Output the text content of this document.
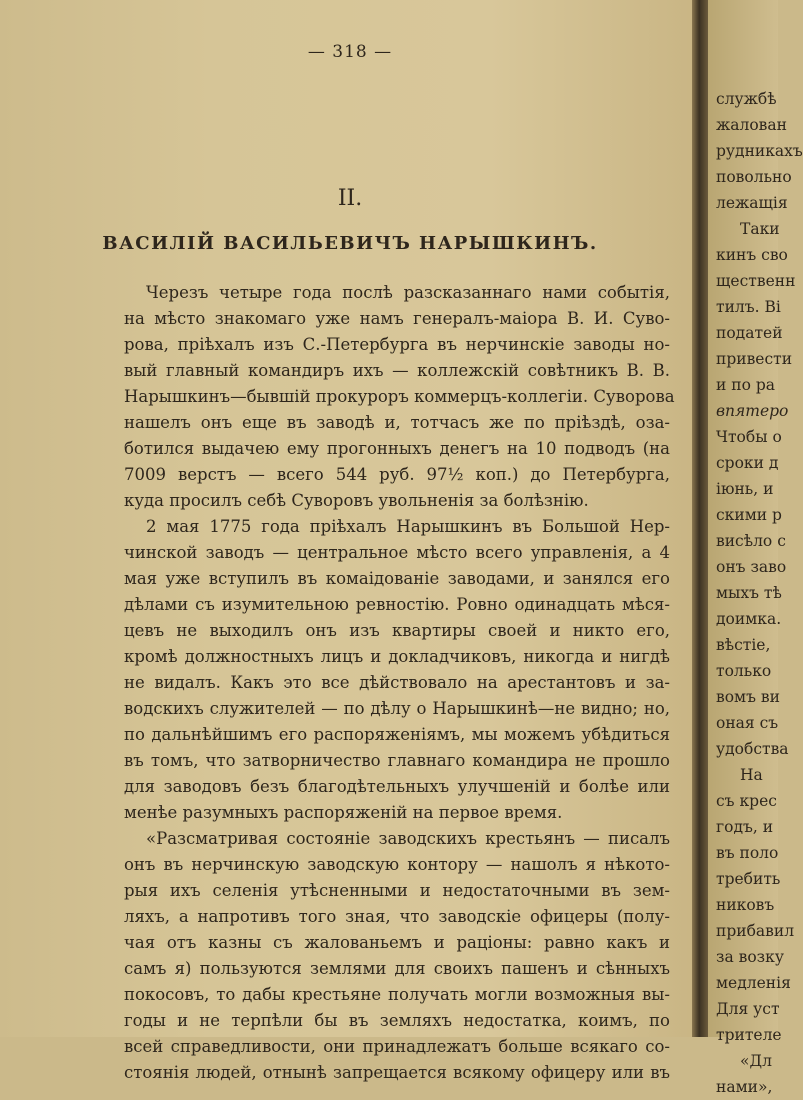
— 318 —
II.
ВАСИЛІЙ ВАСИЛЬЕВИЧЪ НАРЫШКИНЪ.
Черезъ четыре года послѣ разсказаннаго нами событія,
на мѣсто знакомаго уже намъ генералъ-маіора В. И. Суво-
рова, пріѣхалъ изъ С.-Петербурга въ нерчинскіе заводы но-
вый главный командиръ ихъ — коллежскій совѣтникъ В. В.
Нарышкинъ—бывшій прокуроръ коммерцъ-коллегіи. Суворова
нашелъ онъ еще въ заводѣ и, тотчасъ же по пріѣздѣ, оза-
ботился выдачею ему прогонныхъ денегъ на 10 подводъ (на
7009 верстъ — всего 544 руб. 97½ коп.) до Петербурга,
куда просилъ себѣ Суворовъ увольненія за болѣзнію.
2 мая 1775 года пріѣхалъ Нарышкинъ въ Большой Нер-
чинской заводъ — центральное мѣсто всего управленія, а 4
мая уже вступилъ въ комаідованіе заводами, и занялся его
дѣлами съ изумительною ревностію. Ровно одинадцать мѣся-
цевъ не выходилъ онъ изъ квартиры своей и никто его,
кромѣ должностныхъ лицъ и докладчиковъ, никогда и нигдѣ
не видалъ. Какъ это все дѣйствовало на арестантовъ и за-
водскихъ служителей — по дѣлу о Нарышкинѣ—не видно; но,
по дальнѣйшимъ его распоряженіямъ, мы можемъ убѣдиться
въ томъ, что затворничество главнаго командира не прошло
для заводовъ безъ благодѣтельныхъ улучшеній и болѣе или
менѣе разумныхъ распоряженій на первое время.
«Разсматривая состояніе заводскихъ крестьянъ — писалъ
онъ въ нерчинскую заводскую контору — нашолъ я нѣкото-
рыя ихъ селенія утѣсненными и недостаточными въ зем-
ляхъ, а напротивъ того зная, что заводскіе офицеры (полу-
чая отъ казны съ жалованьемъ и раціоны: равно какъ и
самъ я) пользуются землями для своихъ пашенъ и сѣнныхъ
покосовъ, то дабы крестьяне получать могли возможныя вы-
годы и не терпѣли бы въ земляхъ недостатка, коимъ, по
всей справедливости, они принадлежатъ больше всякаго со-
стоянія людей, отнынѣ запрещается всякому офицеру или въ
службѣ
жалован
рудникахъ
повольно
лежащія
Таки
кинъ сво
щественн
тилъ. Ві
податей
привести
и по ра
впятеро
Чтобы о
сроки д
іюнь, и
скими р
висѣло с
онъ заво
мыхъ тѣ
доимка.
вѣстіе,
только
вомъ ви
оная съ
удобства
На
съ крес
годъ, и
въ поло
требить
никовъ
прибавил
за возку
медленія
Для уст
трителе
«Дл
нами»,
